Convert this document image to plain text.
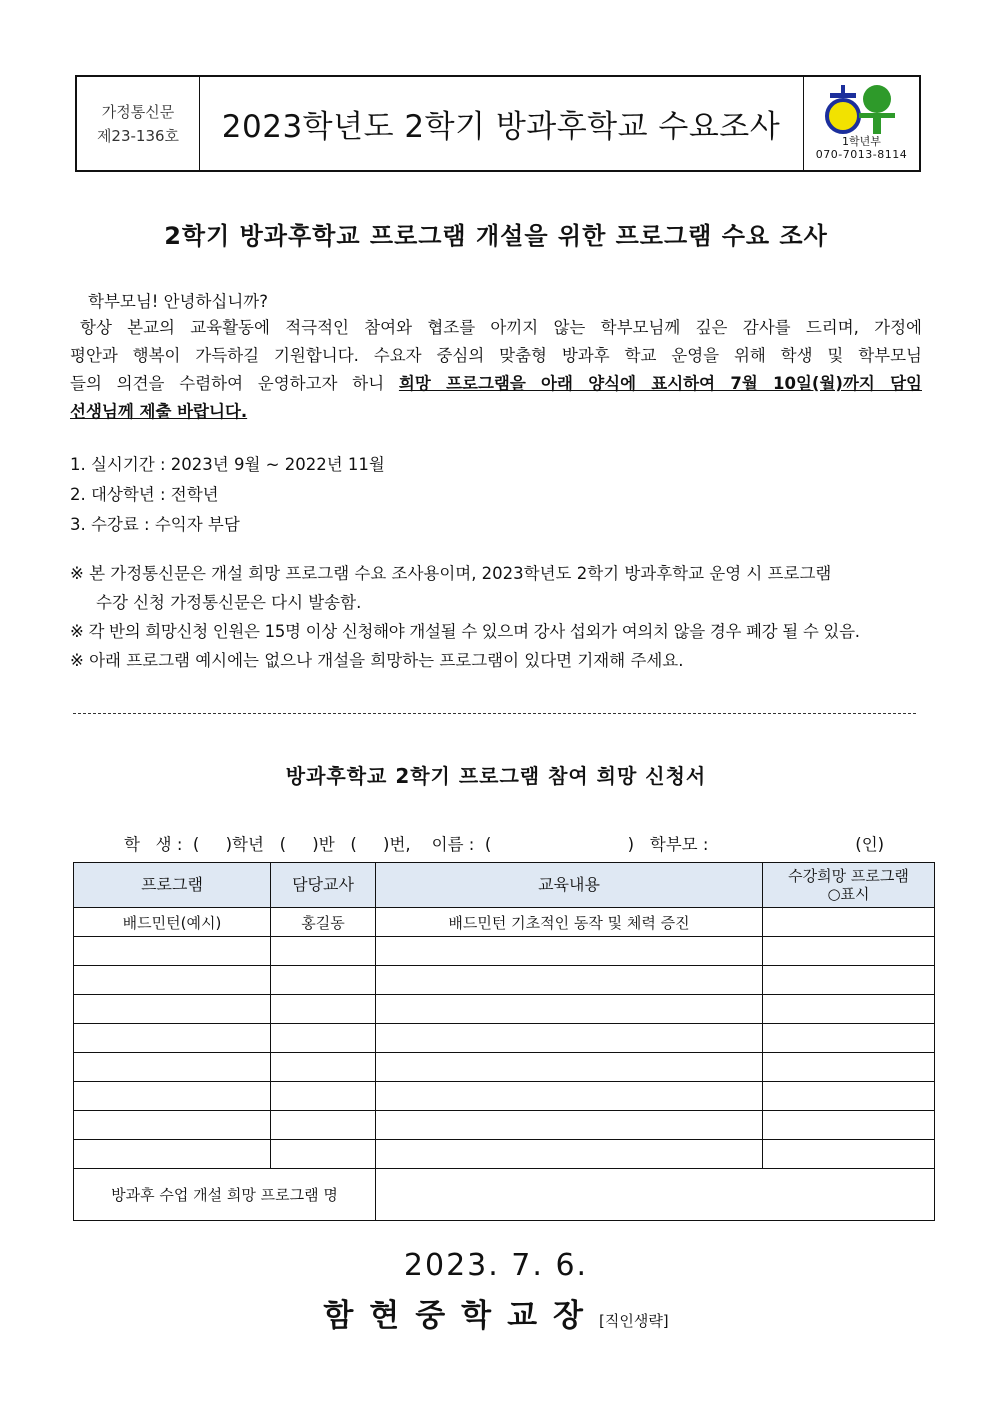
가정통신문
제23-136호	2023학년도 2학기 방과후학교 수요조사	1학년부
070-7013-8114
2학기 방과후학교 프로그램 개설을 위한 프로그램 수요 조사
학부모님! 안녕하십니까?
항상 본교의 교육활동에 적극적인 참여와 협조를 아끼지 않는 학부모님께 깊은 감사를 드리며, 가정에
평안과 행복이 가득하길 기원합니다. 수요자 중심의 맞춤형 방과후 학교 운영을 위해 학생 및 학부모님
들의 의견을 수렴하여 운영하고자 하니 희망 프로그램을 아래 양식에 표시하여 7월 10일(월)까지 담임
선생님께 제출 바랍니다.
1. 실시기간 : 2023년 9월 ~ 2022년 11월
2. 대상학년 : 전학년
3. 수강료 : 수익자 부담
※ 본 가정통신문은 개설 희망 프로그램 수요 조사용이며, 2023학년도 2학기 방과후학교 운영 시 프로그램
수강 신청 가정통신문은 다시 발송함.
※ 각 반의 희망신청 인원은 15명 이상 신청해야 개설될 수 있으며 강사 섭외가 여의치 않을 경우 폐강 될 수 있음.
※ 아래 프로그램 예시에는 없으나 개설을 희망하는 프로그램이 있다면 기재해 주세요.
방과후학교 2학기 프로그램 참여 희망 신청서
학   생 :  (     )학년   (     )반   (     )번,    이름 :  (                          )   학부모 :                            (인)
프로그램	담당교사	교육내용	수강희망 프로그램
○표시
배드민턴(예시)	홍길동	배드민턴 기초적인 동작 및 체력 증진	

방과후 수업 개설 희망 프로그램 명			
2023. 7. 6.
함현중학교장[직인생략]
